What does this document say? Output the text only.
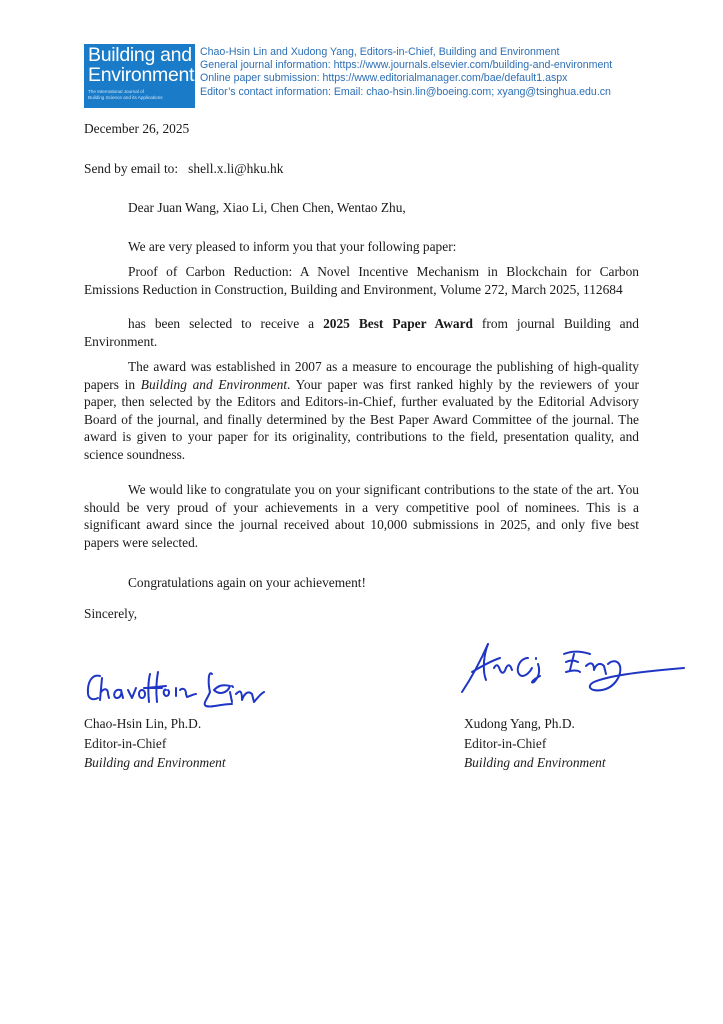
Building and
Environment
The International Journal of
Building Science and its Applications
Chao-Hsin Lin and Xudong Yang, Editors-in-Chief, Building and Environment
General journal information: https://www.journals.elsevier.com/building-and-environment
Online paper submission: https://www.editorialmanager.com/bae/default1.aspx
Editor’s contact information: Email: chao-hsin.lin@boeing.com; xyang@tsinghua.edu.cn
December 26, 2025
Send by email to: shell.x.li@hku.hk
Dear Juan Wang, Xiao Li, Chen Chen, Wentao Zhu,
We are very pleased to inform you that your following paper:
Proof of Carbon Reduction: A Novel Incentive Mechanism in Blockchain for Carbon Emissions Reduction in Construction, Building and Environment, Volume 272, March 2025, 112684
has been selected to receive a 2025 Best Paper Award from journal Building and Environment.
The award was established in 2007 as a measure to encourage the publishing of high-quality papers in Building and Environment. Your paper was first ranked highly by the reviewers of your paper, then selected by the Editors and Editors-in-Chief, further evaluated by the Editorial Advisory Board of the journal, and finally determined by the Best Paper Award Committee of the journal. The award is given to your paper for its originality, contributions to the field, presentation quality, and science soundness.
We would like to congratulate you on your significant contributions to the state of the art. You should be very proud of your achievements in a very competitive pool of nominees. This is a significant award since the journal received about 10,000 submissions in 2025, and only five best papers were selected.
Congratulations again on your achievement!
Sincerely,
Chao-Hsin Lin, Ph.D.
Editor-in-Chief
Building and Environment
Xudong Yang, Ph.D.
Editor-in-Chief
Building and Environment
